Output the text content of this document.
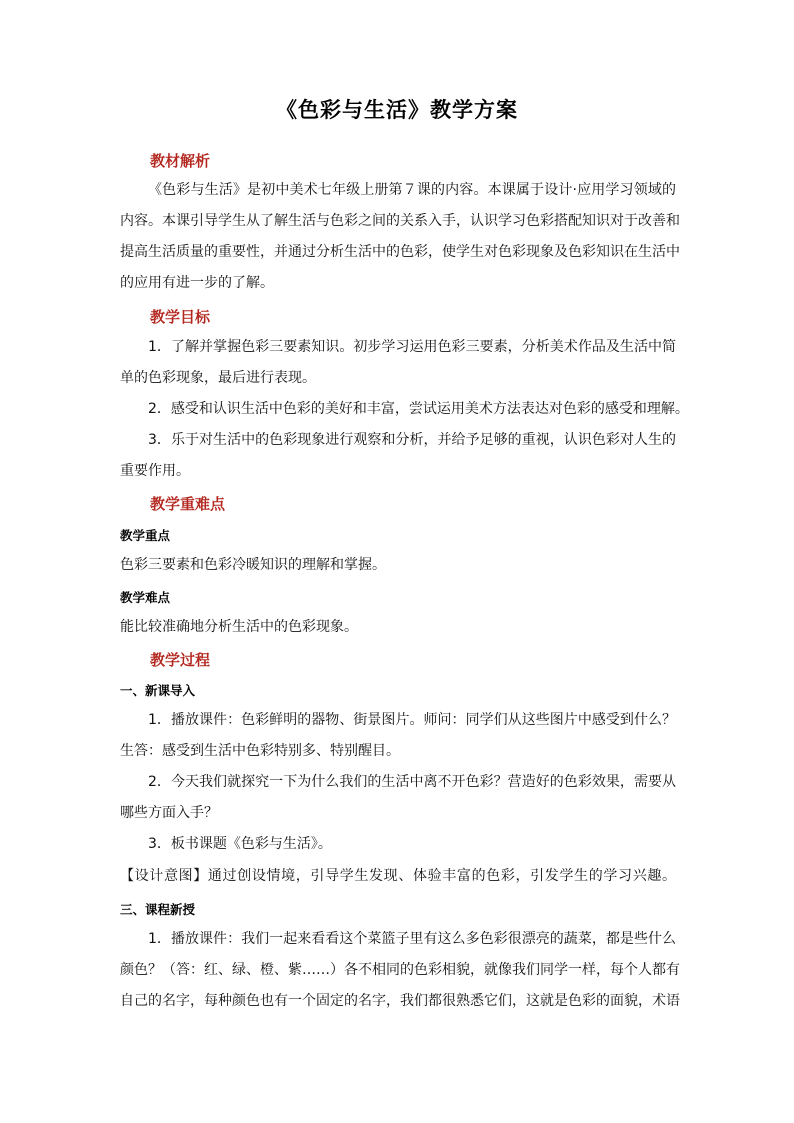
《色彩与生活》教学方案
教材解析
《色彩与生活》是初中美术七年级上册第７课的内容。本课属于设计·应用学习领域的
内容。本课引导学生从了解生活与色彩之间的关系入手，认识学习色彩搭配知识对于改善和
提高生活质量的重要性，并通过分析生活中的色彩，使学生对色彩现象及色彩知识在生活中
的应用有进一步的了解。
教学目标
1．了解并掌握色彩三要素知识。初步学习运用色彩三要素，分析美术作品及生活中简
单的色彩现象，最后进行表现。
2．感受和认识生活中色彩的美好和丰富，尝试运用美术方法表达对色彩的感受和理解。
3．乐于对生活中的色彩现象进行观察和分析，并给予足够的重视，认识色彩对人生的
重要作用。
教学重难点
教学重点
色彩三要素和色彩冷暖知识的理解和掌握。
教学难点
能比较准确地分析生活中的色彩现象。
教学过程
一、新课导入
1．播放课件：色彩鲜明的器物、街景图片。师问：同学们从这些图片中感受到什么？
生答：感受到生活中色彩特别多、特别醒目。
2．今天我们就探究一下为什么我们的生活中离不开色彩？营造好的色彩效果，需要从
哪些方面入手？
3．板书课题《色彩与生活》。
【设计意图】通过创设情境，引导学生发现、体验丰富的色彩，引发学生的学习兴趣。
三、课程新授
1．播放课件：我们一起来看看这个菜篮子里有这么多色彩很漂亮的蔬菜，都是些什么
颜色？（答：红、绿、橙、紫……）各不相同的色彩相貌，就像我们同学一样，每个人都有
自己的名字，每种颜色也有一个固定的名字，我们都很熟悉它们，这就是色彩的面貌，术语
